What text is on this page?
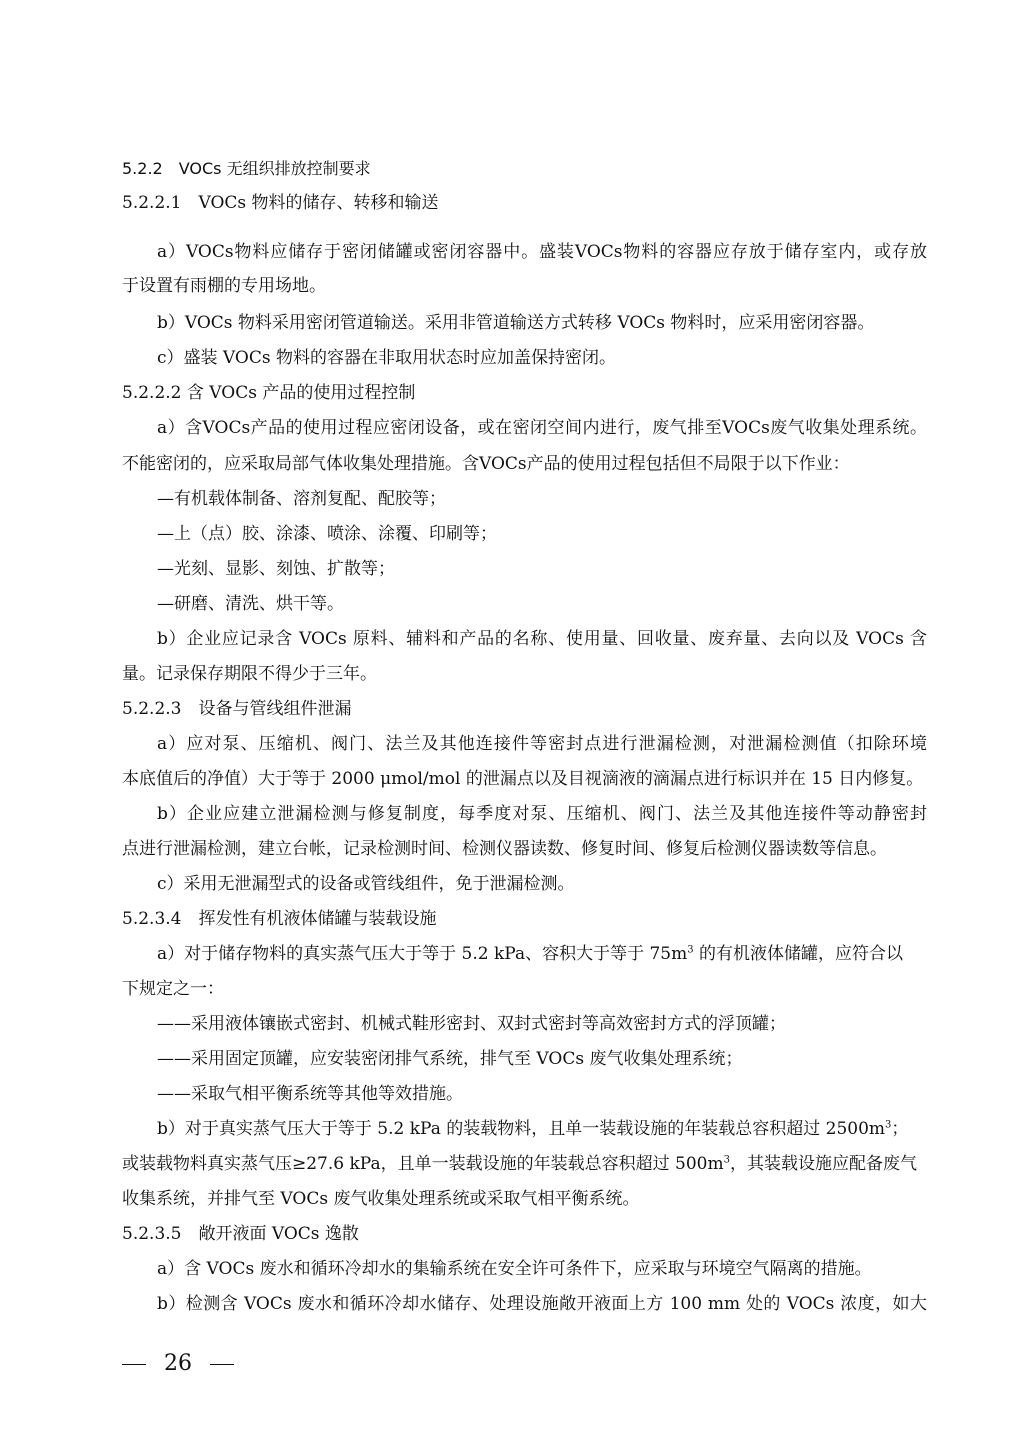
5.2.2　VOCs 无组织排放控制要求
5.2.2.1　VOCs 物料的储存、转移和输送
a）VOCs物料应储存于密闭储罐或密闭容器中。盛装VOCs物料的容器应存放于储存室内，或存放
于设置有雨棚的专用场地。
b）VOCs 物料采用密闭管道输送。采用非管道输送方式转移 VOCs 物料时，应采用密闭容器。
c）盛装 VOCs 物料的容器在非取用状态时应加盖保持密闭。
5.2.2.2 含 VOCs 产品的使用过程控制
a）含VOCs产品的使用过程应密闭设备，或在密闭空间内进行，废气排至VOCs废气收集处理系统。
不能密闭的，应采取局部气体收集处理措施。含VOCs产品的使用过程包括但不局限于以下作业：
—有机载体制备、溶剂复配、配胶等；
—上（点）胶、涂漆、喷涂、涂覆、印刷等；
—光刻、显影、刻蚀、扩散等；
—研磨、清洗、烘干等。
b）企业应记录含 VOCs 原料、辅料和产品的名称、使用量、回收量、废弃量、去向以及 VOCs 含
量。记录保存期限不得少于三年。
5.2.2.3　设备与管线组件泄漏
a）应对泵、压缩机、阀门、法兰及其他连接件等密封点进行泄漏检测，对泄漏检测值（扣除环境
本底值后的净值）大于等于 2000 μmol/mol 的泄漏点以及目视滴液的滴漏点进行标识并在 15 日内修复。
b）企业应建立泄漏检测与修复制度，每季度对泵、压缩机、阀门、法兰及其他连接件等动静密封
点进行泄漏检测，建立台帐，记录检测时间、检测仪器读数、修复时间、修复后检测仪器读数等信息。
c）采用无泄漏型式的设备或管线组件，免于泄漏检测。
5.2.3.4　挥发性有机液体储罐与装载设施
a）对于储存物料的真实蒸气压大于等于 5.2 kPa、容积大于等于 $75m^3$ 的有机液体储罐，应符合以
下规定之一：
——采用液体镶嵌式密封、机械式鞋形密封、双封式密封等高效密封方式的浮顶罐；
——采用固定顶罐，应安装密闭排气系统，排气至 VOCs 废气收集处理系统；
——采取气相平衡系统等其他等效措施。
b）对于真实蒸气压大于等于 5.2 kPa 的装载物料，且单一装载设施的年装载总容积超过 $2500m^3$；
或装载物料真实蒸气压≥27.6 kPa，且单一装载设施的年装载总容积超过 $500m^3$，其装载设施应配备废气
收集系统，并排气至 VOCs 废气收集处理系统或采取气相平衡系统。
5.2.3.5　敞开液面 VOCs 逸散
a）含 VOCs 废水和循环冷却水的集输系统在安全许可条件下，应采取与环境空气隔离的措施。
b）检测含 VOCs 废水和循环冷却水储存、处理设施敞开液面上方 100 mm 处的 VOCs 浓度，如大
26
